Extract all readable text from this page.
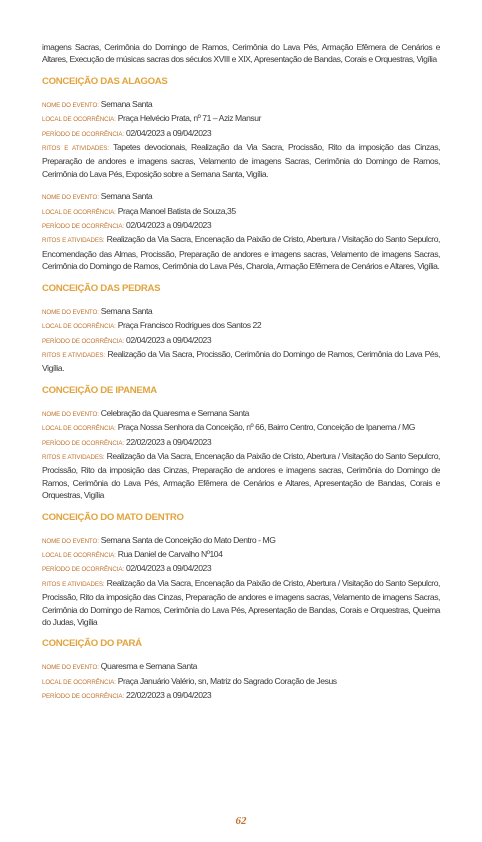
imagens Sacras, Cerimônia do Domingo de Ramos, Cerimônia do Lava Pés, Armação Efêmera de Cenários e Altares, Execução de músicas sacras dos séculos XVIII e XIX, Apresentação de Bandas, Corais e Orquestras, Vigília

CONCEIÇÃO DAS ALAGOAS
NOME DO EVENTO: Semana Santa
LOCAL DE OCORRÊNCIA: Praça Helvécio Prata, nº 71 – Aziz Mansur
PERÍODO DE OCORRÊNCIA: 02/04/2023 a 09/04/2023
RITOS E ATIVIDADES: Tapetes devocionais, Realização da Via Sacra, Procissão, Rito da imposição das Cinzas, Preparação de andores e imagens sacras, Velamento de imagens Sacras, Cerimônia do Domingo de Ramos, Cerimônia do Lava Pés, Exposição sobre a Semana Santa, Vigília.
NOME DO EVENTO: Semana Santa
LOCAL DE OCORRÊNCIA: Praça Manoel Batista de Souza,35
PERÍODO DE OCORRÊNCIA: 02/04/2023 a 09/04/2023
RITOS E ATIVIDADES: Realização da Via Sacra, Encenação da Paixão de Cristo, Abertura / Visitação do Santo Sepulcro, Encomendação das Almas, Procissão, Preparação de andores e imagens sacras, Velamento de imagens Sacras, Cerimônia do Domingo de Ramos, Cerimônia do Lava Pés, Charola, Armação Efêmera de Cenários e Altares, Vigília.
CONCEIÇÃO DAS PEDRAS
NOME DO EVENTO: Semana Santa
LOCAL DE OCORRÊNCIA: Praça Francisco Rodrigues dos Santos 22
PERÍODO DE OCORRÊNCIA: 02/04/2023 a 09/04/2023
RITOS E ATIVIDADES: Realização da Via Sacra, Procissão, Cerimônia do Domingo de Ramos, Cerimônia do Lava Pés, Vigília.
CONCEIÇÃO DE IPANEMA
NOME DO EVENTO: Celebração da Quaresma e Semana Santa
LOCAL DE OCORRÊNCIA: Praça Nossa Senhora da Conceição, nº 66, Bairro Centro, Conceição de Ipanema / MG
PERÍODO DE OCORRÊNCIA: 22/02/2023 a 09/04/2023
RITOS E ATIVIDADES: Realização da Via Sacra, Encenação da Paixão de Cristo, Abertura / Visitação do Santo Sepulcro, Procissão, Rito da imposição das Cinzas, Preparação de andores e imagens sacras, Cerimônia do Domingo de Ramos, Cerimônia do Lava Pés, Armação Efêmera de Cenários e Altares, Apresentação de Bandas, Corais e Orquestras, Vigília
CONCEIÇÃO DO MATO DENTRO
NOME DO EVENTO: Semana Santa de Conceição do Mato Dentro - MG
LOCAL DE OCORRÊNCIA: Rua Daniel de Carvalho Nº104
PERÍODO DE OCORRÊNCIA: 02/04/2023 a 09/04/2023
RITOS E ATIVIDADES: Realização da Via Sacra, Encenação da Paixão de Cristo, Abertura / Visitação do Santo Sepulcro, Procissão, Rito da imposição das Cinzas, Preparação de andores e imagens sacras, Velamento de imagens Sacras, Cerimônia do Domingo de Ramos, Cerimônia do Lava Pés, Apresentação de Bandas, Corais e Orquestras, Queima do Judas, Vigília
CONCEIÇÃO DO PARÁ
NOME DO EVENTO: Quaresma e Semana Santa
LOCAL DE OCORRÊNCIA: Praça Januário Valério, sn, Matriz do Sagrado Coração de Jesus
PERÍODO DE OCORRÊNCIA: 22/02/2023 a 09/04/2023
62
